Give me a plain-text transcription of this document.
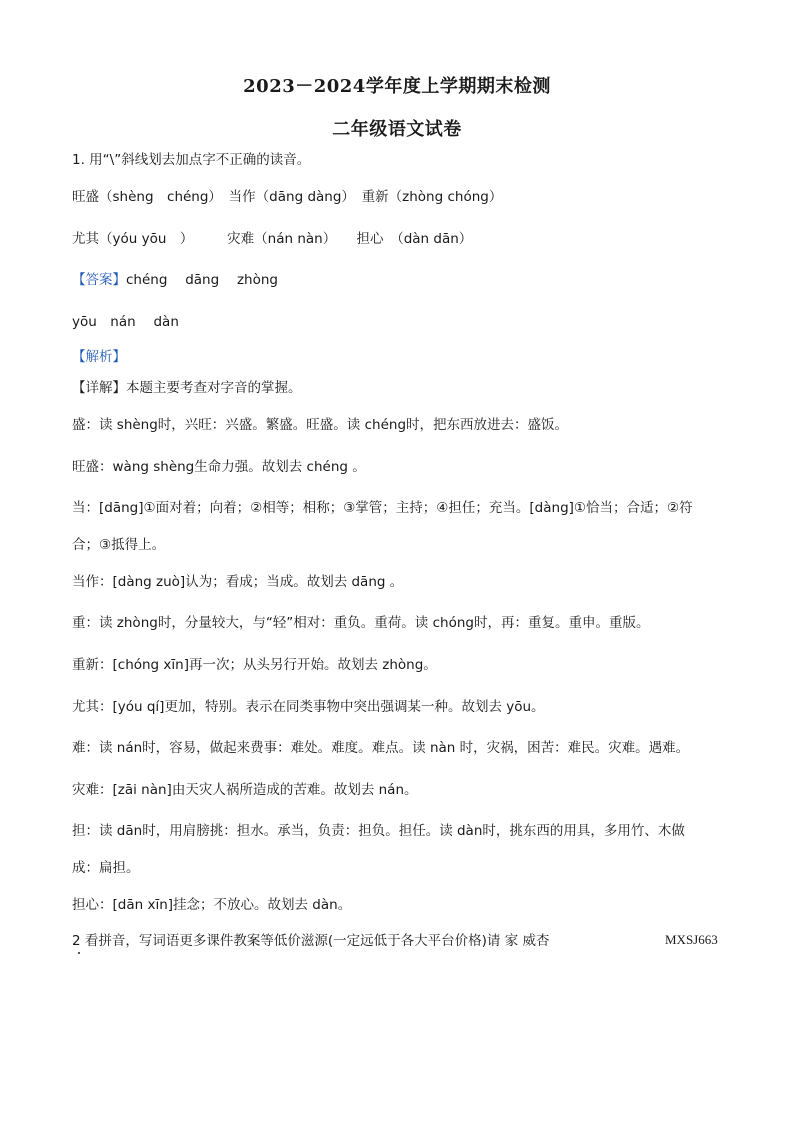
2023－2024学年度上学期期末检测
二年级语文试卷
1. 用“\”斜线划去加点字不正确的读音。
旺盛（shèng　chéng）　当作（dāng dàng）　重新（zhòng chóng）
尤其（yóu yōu　）　　　灾难（nán nàn）　　担心　（dàn dān）
【答案】chéng　 dāng　 zhòng
yōu　nán　 dàn
【解析】
【详解】本题主要考查对字音的掌握。
盛：读 shèng时，兴旺：兴盛。繁盛。旺盛。读 chéng时，把东西放进去：盛饭。
旺盛：wàng shèng生命力强。故划去 chéng 。
当：[dāng]①面对着；向着；②相等；相称；③掌管；主持；④担任；充当。[dàng]①恰当；合适；②符
合；③抵得上。
当作：[dàng zuò]认为；看成；当成。故划去 dāng 。
重：读 zhòng时，分量较大，与“轻”相对：重负。重荷。读 chóng时，再：重复。重申。重版。
重新：[chóng xīn]再一次；从头另行开始。故划去 zhòng。
尤其：[yóu qí]更加，特别。表示在同类事物中突出强调某一种。故划去 yōu。
难：读 nán时，容易，做起来费事：难处。难度。难点。读 nàn 时，灾祸，困苦：难民。灾难。遇难。
灾难：[zāi nàn]由天灾人祸所造成的苦难。故划去 nán。
担：读 dān时，用肩膀挑：担水。承当，负责：担负。担任。读 dàn时，挑东西的用具，多用竹、木做
成：扁担。
担心：[dān xīn]挂念；不放心。故划去 dàn。
2 看拼音，写词语更多课件教案等低价滋源(一定远低于各大平台价格)请 家 威杏	MXSJ663
